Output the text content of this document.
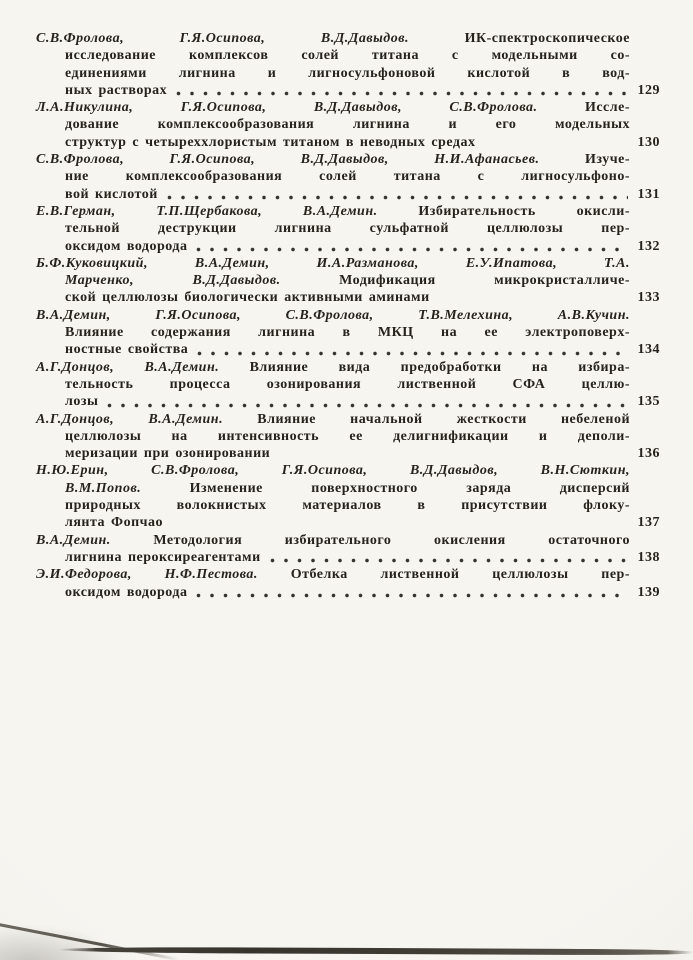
С.В.Фролова, Г.Я.Осипова, В.Д.Давыдов. ИК-спектроскопическое
исследование комплексов солей титана с модельными со-
единениями лигнина и лигносульфоновой кислотой в вод-
ных растворах	129
Л.А.Никулина, Г.Я.Осипова, В.Д.Давыдов, С.В.Фролова. Иссле-
дование комплексообразования лигнина и его модельных
структур с четыреххлористым титаном в неводных средах	130
С.В.Фролова, Г.Я.Осипова, В.Д.Давыдов, Н.И.Афанасьев. Изуче-
ние комплексообразования солей титана с лигносульфоно-
вой кислотой	131
Е.В.Герман, Т.П.Щербакова, В.А.Демин. Избирательность окисли-
тельной деструкции лигнина сульфатной целлюлозы пер-
оксидом водорода	132
Б.Ф.Куковицкий, В.А.Демин, И.А.Разманова, Е.У.Ипатова, Т.А.
Марченко, В.Д.Давыдов. Модификация микрокристалличе-
ской целлюлозы биологически активными аминами	133
В.А.Демин, Г.Я.Осипова, С.В.Фролова, Т.В.Мелехина, А.В.Кучин.
Влияние содержания лигнина в МКЦ на ее электроповерх-
ностные свойства	134
А.Г.Донцов, В.А.Демин. Влияние вида предобработки на избира-
тельность процесса озонирования лиственной СФА целлю-
лозы	135
А.Г.Донцов, В.А.Демин. Влияние начальной жесткости небеленой
целлюлозы на интенсивность ее делигнификации и деполи-
меризации при озонировании	136
Н.Ю.Ерин, С.В.Фролова, Г.Я.Осипова, В.Д.Давыдов, В.Н.Сюткин,
В.М.Попов. Изменение поверхностного заряда дисперсий
природных волокнистых материалов в присутствии флоку-
лянта Фопчао	137
В.А.Демин. Методология избирательного окисления остаточного
лигнина пероксиреагентами	138
Э.И.Федорова, Н.Ф.Пестова. Отбелка лиственной целлюлозы пер-
оксидом водорода	139
